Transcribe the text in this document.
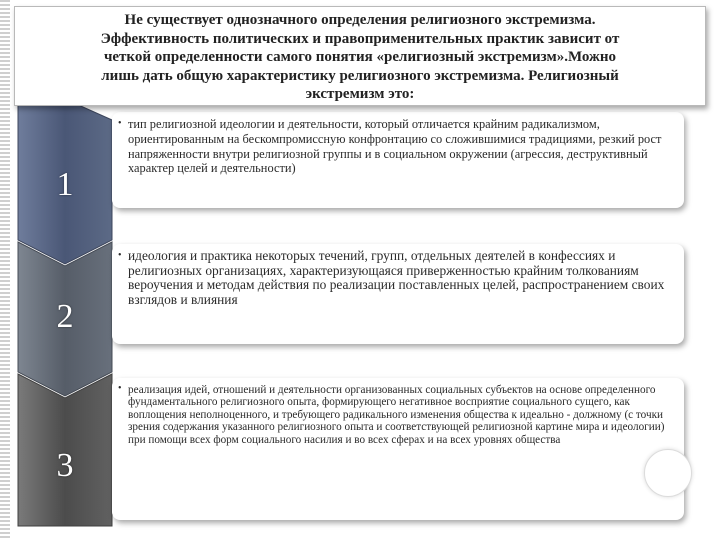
Не существует однозначного определения религиозного экстремизма.

Эффективность политических и правоприменительных практик зависит от

четкой определенности самого понятия «религиозный экстремизм».Можно

лишь дать общую характеристику религиозного экстремизма. Религиозный

экстремизм это:

1
2
3
• тип религиозной идеологии и деятельности, который отличается крайним радикализмом, ориентированным на бескомпромиссную конфронтацию со сложившимися традициями, резкий рост напряженности внутри религиозной группы и в социальном окружении (агрессия, деструктивный характер целей и деятельности)

• идеология и практика некоторых течений, групп, отдельных деятелей в конфессиях и религиозных организациях, характеризующаяся приверженностью крайним толкованиям вероучения и методам действия по реализации поставленных целей, распространением своих взглядов и влияния

• реализация идей, отношений и деятельности организованных социальных субъектов на основе определенного фундаментального религиозного опыта, формирующего негативное восприятие социального сущего, как воплощения неполноценного, и требующего радикального изменения общества к идеально - должному (с точки зрения содержания указанного религиозного опыта и соответствующей религиозной картине мира и идеологии) при помощи всех форм социального насилия и во всех сферах и на всех уровнях общества
